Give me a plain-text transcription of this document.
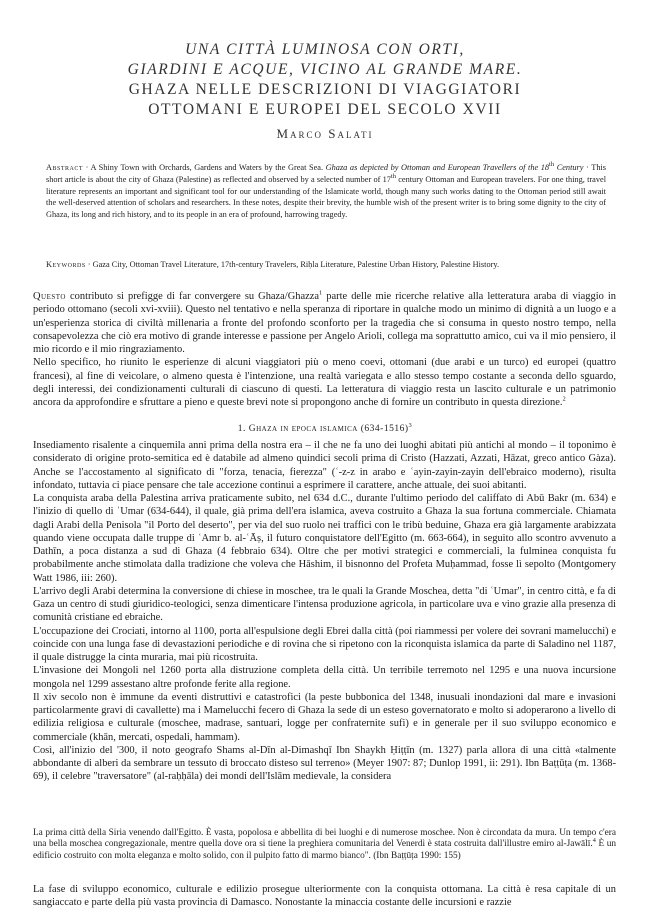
UNA CITTÀ LUMINOSA CON ORTI,
GIARDINI E ACQUE, VICINO AL GRANDE MARE.
GHAZA NELLE DESCRIZIONI DI VIAGGIATORI
OTTOMANI E EUROPEI DEL SECOLO XVII
Marco Salati
Abstract · A Shiny Town with Orchards, Gardens and Waters by the Great Sea. Ghaza as depicted by Ottoman and European Travellers of the 18th Century · This short article is about the city of Ghaza (Palestine) as reflected and observed by a selected number of 17th century Ottoman and European travelers. For one thing, travel literature represents an important and significant tool for our understanding of the Islamicate world, though many such works dating to the Ottoman period still await the well-deserved attention of scholars and researchers. In these notes, despite their brevity, the humble wish of the present writer is to bring some dignity to the city of Ghaza, its long and rich history, and to its people in an era of profound, harrowing tragedy.
Keywords · Gaza City, Ottoman Travel Literature, 17th-century Travelers, Riḥla Literature, Palestine Urban History, Palestine History.

Questo contributo si prefigge di far convergere su Ghaza/Ghazza$^1$ parte delle mie ricerche relative alla letteratura araba di viaggio in periodo ottomano (secoli xvi-xviii). Questo nel tentativo e nella speranza di riportare in qualche modo un minimo di dignità a un luogo e a un'esperienza storica di civiltà millenaria a fronte del profondo sconforto per la tragedia che si consuma in questo nostro tempo, nella consapevolezza che ciò era motivo di grande interesse e passione per Angelo Arioli, collega ma soprattutto amico, cui va il mio pensiero, il mio ricordo e il mio ringraziamento.

Nello specifico, ho riunito le esperienze di alcuni viaggiatori più o meno coevi, ottomani (due arabi e un turco) ed europei (quattro francesi), al fine di veicolare, o almeno questa è l'intenzione, una realtà variegata e allo stesso tempo costante a seconda dello sguardo, degli interessi, dei condizionamenti culturali di ciascuno di questi. La letteratura di viaggio resta un lascito culturale e un patrimonio ancora da approfondire e sfruttare a pieno e queste brevi note si propongono anche di fornire un contributo in questa direzione.$^2$

1. Ghaza in epoca islamica $(634-1516)^3$

Insediamento risalente a cinquemila anni prima della nostra era – il che ne fa uno dei luoghi abitati più antichi al mondo – il toponimo è considerato di origine proto-semitica ed è databile ad almeno quindici secoli prima di Cristo (Hazzati, Azzati, Hāzat, greco antico Gàza). Anche se l'accostamento al significato di "forza, tenacia, fierezza" (ʿ-z-z in arabo e ʿayin-zayin-zayin dell'ebraico moderno), risulta infondato, tuttavia ci piace pensare che tale accezione continui a esprimere il carattere, anche attuale, dei suoi abitanti.

La conquista araba della Palestina arriva praticamente subito, nel 634 d.C., durante l'ultimo periodo del califfato di Abū Bakr (m. 634) e l'inizio di quello di ʿUmar (634-644), il quale, già prima dell'era islamica, aveva costruito a Ghaza la sua fortuna commerciale. Chiamata dagli Arabi della Penisola "il Porto del deserto", per via del suo ruolo nei traffici con le tribù beduine, Ghaza era già largamente arabizzata quando viene occupata dalle truppe di ʿAmr b. al-ʿĀṣ, il futuro conquistatore dell'Egitto (m. 663-664), in seguito allo scontro avvenuto a Dathīn, a poca distanza a sud di Ghaza (4 febbraio 634). Oltre che per motivi strategici e commerciali, la fulminea conquista fu probabilmente anche stimolata dalla tradizione che voleva che Hāshim, il bisnonno del Profeta Muḥammad, fosse lì sepolto (Montgomery Watt 1986, iii: 260).

L'arrivo degli Arabi determina la conversione di chiese in moschee, tra le quali la Grande Moschea, detta "di ʿUmar", in centro città, e fa di Gaza un centro di studi giuridico-teologici, senza dimenticare l'intensa produzione agricola, in particolare uva e vino grazie alla presenza di comunità cristiane ed ebraiche.

L'occupazione dei Crociati, intorno al 1100, porta all'espulsione degli Ebrei dalla città (poi riammessi per volere dei sovrani mamelucchi) e coincide con una lunga fase di devastazioni periodiche e di rovina che si ripetono con la riconquista islamica da parte di Saladino nel 1187, il quale distrugge la cinta muraria, mai più ricostruita.

L'invasione dei Mongoli nel 1260 porta alla distruzione completa della città. Un terribile terremoto nel 1295 e una nuova incursione mongola nel 1299 assestano altre profonde ferite alla regione.

Il xiv secolo non è immune da eventi distruttivi e catastrofici (la peste bubbonica del 1348, inusuali inondazioni dal mare e invasioni particolarmente gravi di cavallette) ma i Mamelucchi fecero di Ghaza la sede di un esteso governatorato e molto si adoperarono a livello di edilizia religiosa e culturale (moschee, madrase, santuari, logge per confraternite sufi) e in generale per il suo sviluppo economico e commerciale (khān, mercati, ospedali, hammam).

Così, all'inizio del '300, il noto geografo Shams al-Dīn al-Dimashqī Ibn Shaykh Ḥiṭṭīn (m. 1327) parla allora di una città «talmente abbondante di alberi da sembrare un tessuto di broccato disteso sul terreno» (Meyer 1907: 87; Dunlop 1991, ii: 291). Ibn Baṭṭūṭa (m. 1368-69), il celebre "traversatore" (al-raḥḥāla) dei mondi dell'Islām medievale, la considera

La prima città della Siria venendo dall'Egitto. È vasta, popolosa e abbellita di bei luoghi e di numerose moschee. Non è circondata da mura. Un tempo c'era una bella moschea congregazionale, mentre quella dove ora si tiene la preghiera comunitaria del Venerdì è stata costruita dall'illustre emiro al-Jawālī.$^4$ È un edificio costruito con molta eleganza e molto solido, con il pulpito fatto di marmo bianco". (Ibn Baṭṭūṭa 1990: 155)

La fase di sviluppo economico, culturale e edilizio prosegue ulteriormente con la conquista ottomana. La città è resa capitale di un sangiaccato e parte della più vasta provincia di Damasco. Nonostante la minaccia costante delle incursioni e razzie
